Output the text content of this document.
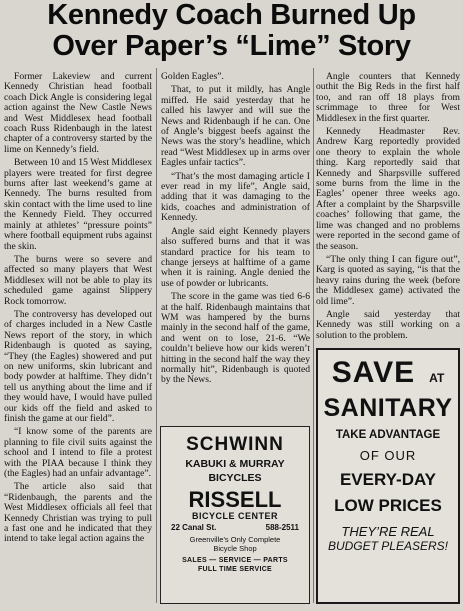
Kennedy Coach Burned Up
Over Paper’s “Lime” Story

Former Lakeview and current Kennedy Christian head football coach Dick Angle is considering legal action against the New Castle News and West Middlesex head football coach Russ Ridenbaugh in the latest chapter of a controversy started by the lime on Kennedy’s field.

Between 10 and 15 West Middlesex players were treated for first degree burns after last weekend’s game at Kennedy. The burns resulted from skin contact with the lime used to line the Kennedy Field. They occurred mainly at athletes’ “pressure points” where football equipment rubs against the skin.

The burns were so severe and affected so many players that West Middlesex will not be able to play its scheduled game against Slippery Rock tomorrow.

The controversy has developed out of charges included in a New Castle News report of the story, in which Ridenbaugh is quoted as saying, “They (the Eagles) showered and put on new uniforms, skin lubricant and body powder at halftime. They didn’t tell us anything about the lime and if they would have, I would have pulled our kids off the field and asked to finish the game at our field”.

“I know some of the parents are planning to file civil suits against the school and I intend to file a protest with the PIAA because I think they (the Eagles) had an unfair advantage”.

The article also said that “Ridenbaugh, the parents and the West Middlesex officials all feel that Kennedy Christian was trying to pull a fast one and he indicated that they intend to take legal action agains the

Golden Eagles”.

That, to put it mildly, has Angle miffed. He said yesterday that he called his lawyer and will sue the News and Ridenbaugh if he can. One of Angle’s biggest beefs against the News was the story’s headline, which read “West Middlesex up in arms over Eagles unfair tactics”.

“That’s the most damaging article I ever read in my life”, Angle said, adding that it was damaging to the kids, coaches and administration of Kennedy.

Angle said eight Kennedy players also suffered burns and that it was standard practice for his team to change jerseys at halftime of a game when it is raining. Angle denied the use of powder or lubricants.

The score in the game was tied 6-6 at the half. Ridenbaugh maintains that WM was hampered by the burns mainly in the second half of the game, and went on to lose, 21-6. “We couldn’t believe how our kids weren’t hitting in the second half the way they normally hit”, Ridenbaugh is quoted by the News.

Angle counters that Kennedy outhit the Big Reds in the first half too, and ran off 18 plays from scrimmage to three for West Middlesex in the first quarter.

Kennedy Headmaster Rev. Andrew Karg reportedly provided one theory to explain the whole thing. Karg reportedly said that Kennedy and Sharpsville suffered some burns from the lime in the Eagles’ opener three weeks ago. After a complaint by the Sharpsville coaches’ following that game, the lime was changed and no problems were reported in the second game of the season.

“The only thing I can figure out”, Karg is quoted as saying, “is that the heavy rains during the week (before the Middlesex game) activated the old lime”.

Angle said yesterday that Kennedy was still working on a solution to the problem.

SCHWINN
KABUKI & MURRAY
BICYCLES
RISSELL
BICYCLE CENTER
22 Canal St.	588-2511
Greenville’s Only Complete
Bicycle Shop
SALES — SERVICE — PARTS
FULL TIME SERVICE
SAVE AT
SANITARY
TAKE ADVANTAGE
OF OUR
EVERY-DAY
LOW PRICES
THEY’RE REAL
BUDGET PLEASERS!
